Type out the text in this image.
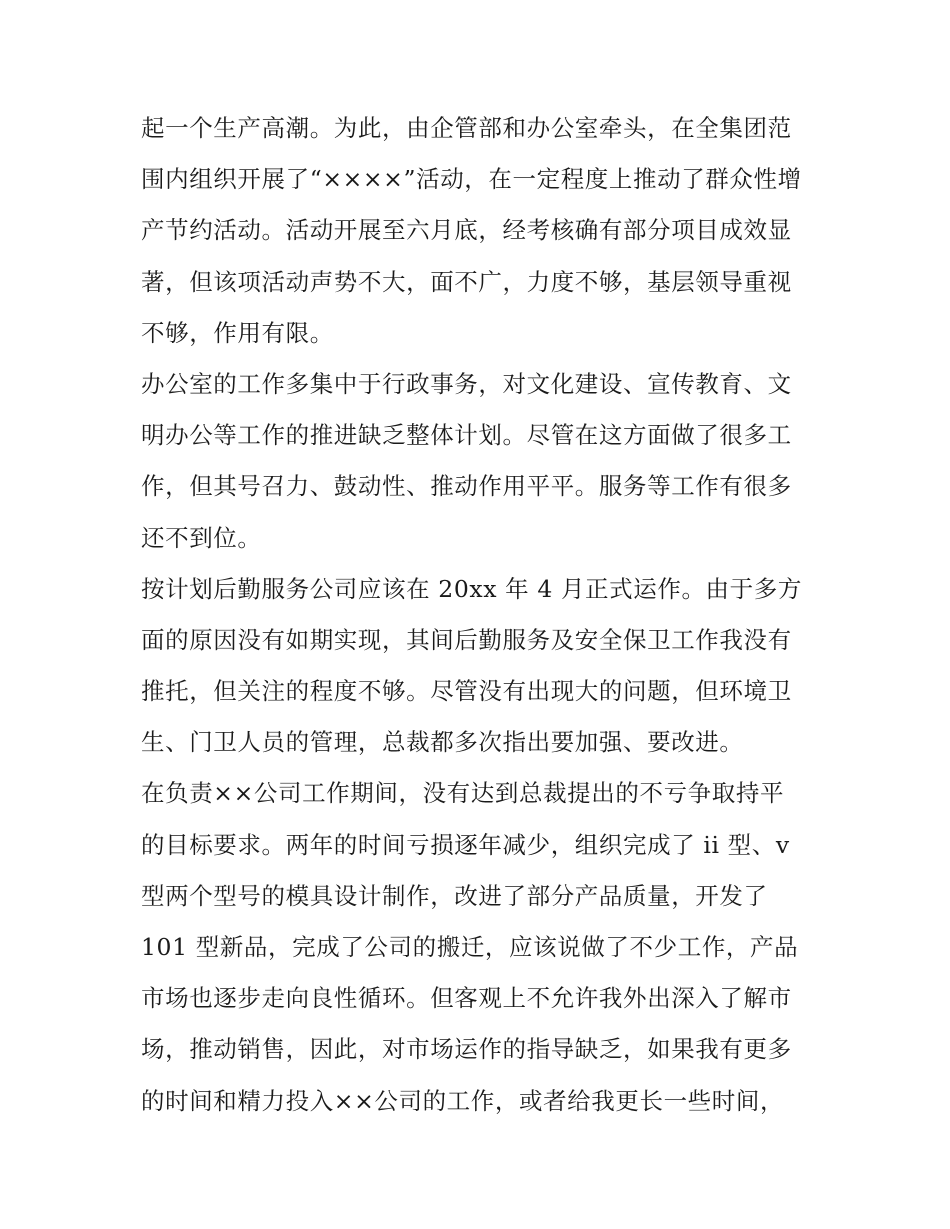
起一个生产高潮。为此，由企管部和办公室牵头，在全集团范
围内组织开展了“××××”活动，在一定程度上推动了群众性增
产节约活动。活动开展至六月底，经考核确有部分项目成效显
著，但该项活动声势不大，面不广，力度不够，基层领导重视
不够，作用有限。
办公室的工作多集中于行政事务，对文化建设、宣传教育、文
明办公等工作的推进缺乏整体计划。尽管在这方面做了很多工
作，但其号召力、鼓动性、推动作用平平。服务等工作有很多
还不到位。
按计划后勤服务公司应该在 20xx 年 4 月正式运作。由于多方
面的原因没有如期实现，其间后勤服务及安全保卫工作我没有
推托，但关注的程度不够。尽管没有出现大的问题，但环境卫
生、门卫人员的管理，总裁都多次指出要加强、要改进。
在负责××公司工作期间，没有达到总裁提出的不亏争取持平
的目标要求。两年的时间亏损逐年减少，组织完成了 ii 型、v
型两个型号的模具设计制作，改进了部分产品质量，开发了
101 型新品，完成了公司的搬迁，应该说做了不少工作，产品
市场也逐步走向良性循环。但客观上不允许我外出深入了解市
场，推动销售，因此，对市场运作的指导缺乏，如果我有更多
的时间和精力投入××公司的工作，或者给我更长一些时间，
